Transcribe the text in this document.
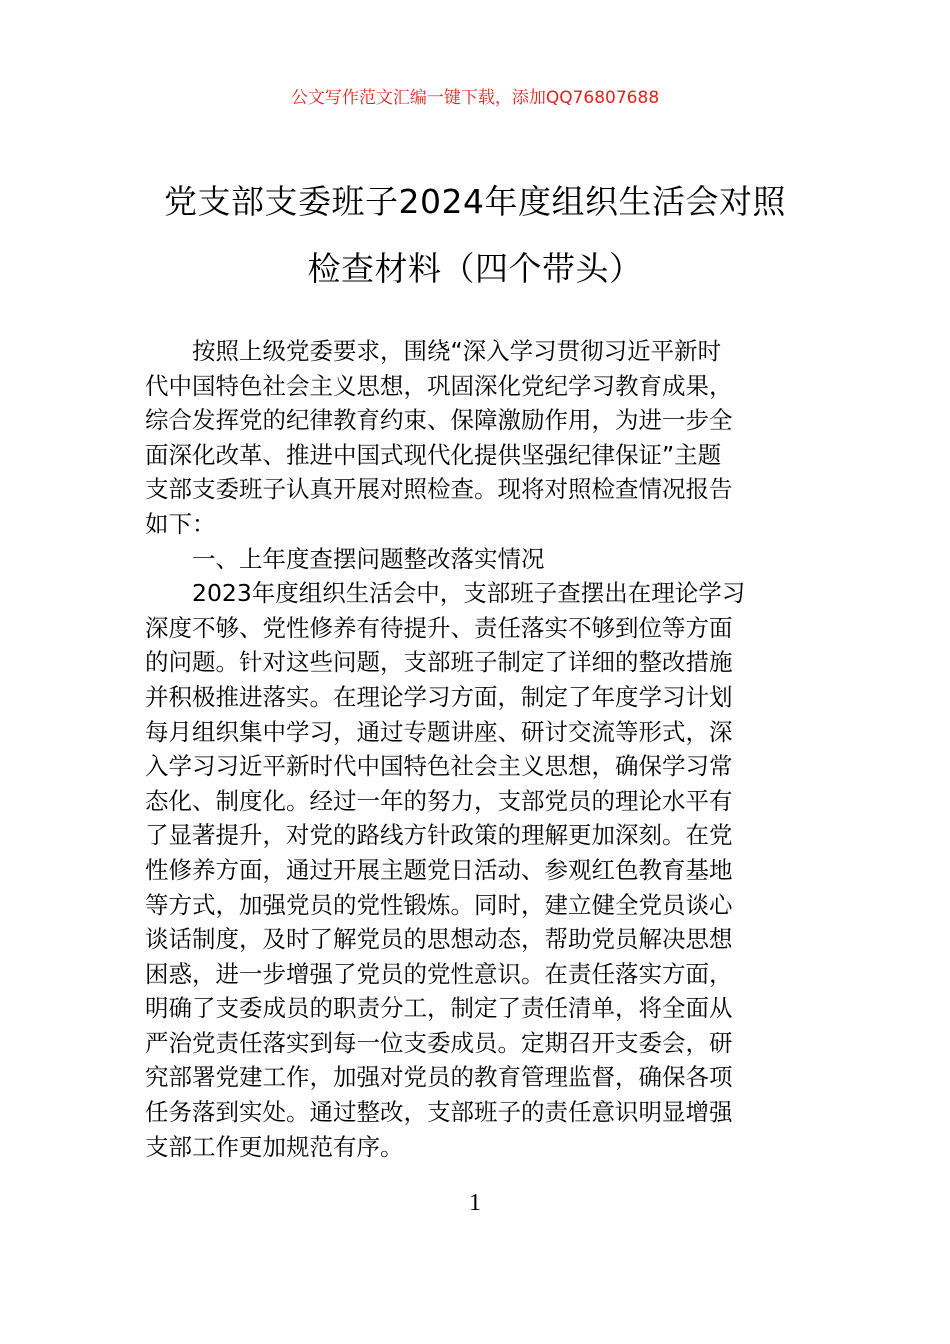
公文写作范文汇编一键下载，添加QQ76807688
党支部支委班子2024年度组织生活会对照
检查材料（四个带头）
　　按照上级党委要求，围绕“深入学习贯彻习近平新时
代中国特色社会主义思想，巩固深化党纪学习教育成果，
综合发挥党的纪律教育约束、保障激励作用，为进一步全
面深化改革、推进中国式现代化提供坚强纪律保证”主题
支部支委班子认真开展对照检查。现将对照检查情况报告
如下：
　　一、上年度查摆问题整改落实情况
　　2023年度组织生活会中，支部班子查摆出在理论学习
深度不够、党性修养有待提升、责任落实不够到位等方面
的问题。针对这些问题，支部班子制定了详细的整改措施
并积极推进落实。在理论学习方面，制定了年度学习计划
每月组织集中学习，通过专题讲座、研讨交流等形式，深
入学习习近平新时代中国特色社会主义思想，确保学习常
态化、制度化。经过一年的努力，支部党员的理论水平有
了显著提升，对党的路线方针政策的理解更加深刻。在党
性修养方面，通过开展主题党日活动、参观红色教育基地
等方式，加强党员的党性锻炼。同时，建立健全党员谈心
谈话制度，及时了解党员的思想动态，帮助党员解决思想
困惑，进一步增强了党员的党性意识。在责任落实方面，
明确了支委成员的职责分工，制定了责任清单，将全面从
严治党责任落实到每一位支委成员。定期召开支委会，研
究部署党建工作，加强对党员的教育管理监督，确保各项
任务落到实处。通过整改，支部班子的责任意识明显增强
支部工作更加规范有序。
1
